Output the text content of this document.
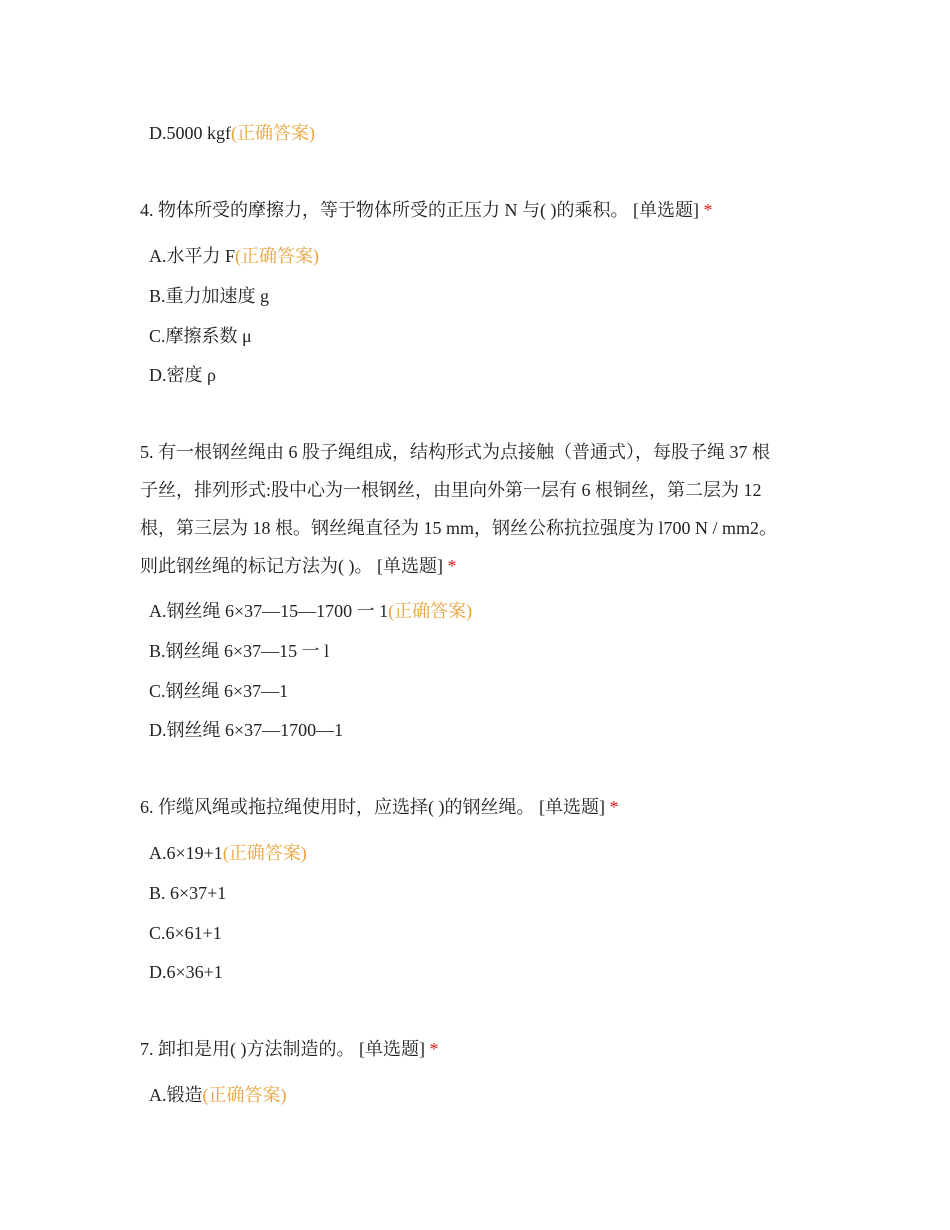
D.5000 kgf(正确答案)
4. 物体所受的摩擦力，等于物体所受的正压力 N 与( )的乘积。 [单选题] *
A.水平力 F(正确答案)
B.重力加速度 g
C.摩擦系数 μ
D.密度 ρ
5. 有一根钢丝绳由 6 股子绳组成，结构形式为点接触（普通式），每股子绳 37 根
子丝，排列形式:股中心为一根钢丝，由里向外第一层有 6 根铜丝，第二层为 12
根，第三层为 18 根。钢丝绳直径为 15 mm，钢丝公称抗拉强度为 l700 N / mm2。
则此钢丝绳的标记方法为( )。 [单选题] *
A.钢丝绳 6×37—15—1700 一 1(正确答案)
B.钢丝绳 6×37—15 一 l
C.钢丝绳 6×37—1
D.钢丝绳 6×37—1700—1
6. 作缆风绳或拖拉绳使用时，应选择( )的钢丝绳。 [单选题] *
A.6×19+1(正确答案)
B. 6×37+1
C.6×61+1
D.6×36+1
7. 卸扣是用( )方法制造的。 [单选题] *
A.锻造(正确答案)
